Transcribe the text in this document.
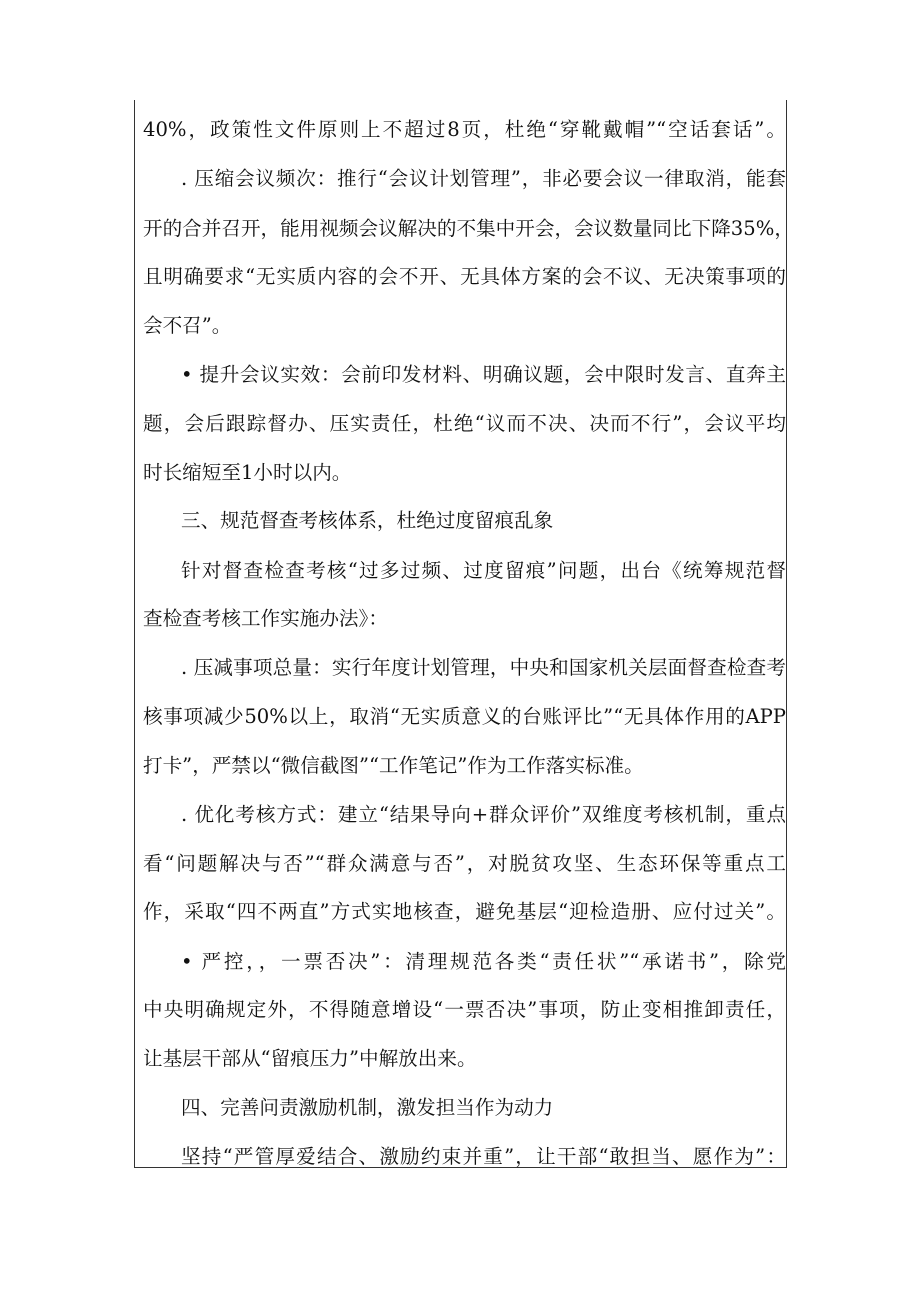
40%，政策性文件原则上不超过8页，杜绝“穿靴戴帽”“空话套话”。
. 压缩会议频次：推行“会议计划管理”，非必要会议一律取消，能套
开的合并召开，能用视频会议解决的不集中开会，会议数量同比下降35%，
且明确要求“无实质内容的会不开、无具体方案的会不议、无决策事项的
会不召”。
• 提升会议实效：会前印发材料、明确议题，会中限时发言、直奔主
题，会后跟踪督办、压实责任，杜绝“议而不决、决而不行”，会议平均
时长缩短至1小时以内。
三、规范督查考核体系，杜绝过度留痕乱象
针对督查检查考核“过多过频、过度留痕”问题，出台《统筹规范督
查检查考核工作实施办法》：
. 压减事项总量：实行年度计划管理，中央和国家机关层面督查检查考
核事项减少50%以上，取消“无实质意义的台账评比”“无具体作用的APP
打卡”，严禁以“微信截图”“工作笔记”作为工作落实标准。
. 优化考核方式：建立“结果导向+群众评价”双维度考核机制，重点
看“问题解决与否”“群众满意与否”，对脱贫攻坚、生态环保等重点工
作，采取“四不两直”方式实地核查，避免基层“迎检造册、应付过关”。
• 严控，，一票否决”：清理规范各类“责任状”“承诺书”，除党
中央明确规定外，不得随意增设“一票否决”事项，防止变相推卸责任，
让基层干部从“留痕压力”中解放出来。
四、完善问责激励机制，激发担当作为动力
坚持“严管厚爱结合、激励约束并重”，让干部“敢担当、愿作为”：
